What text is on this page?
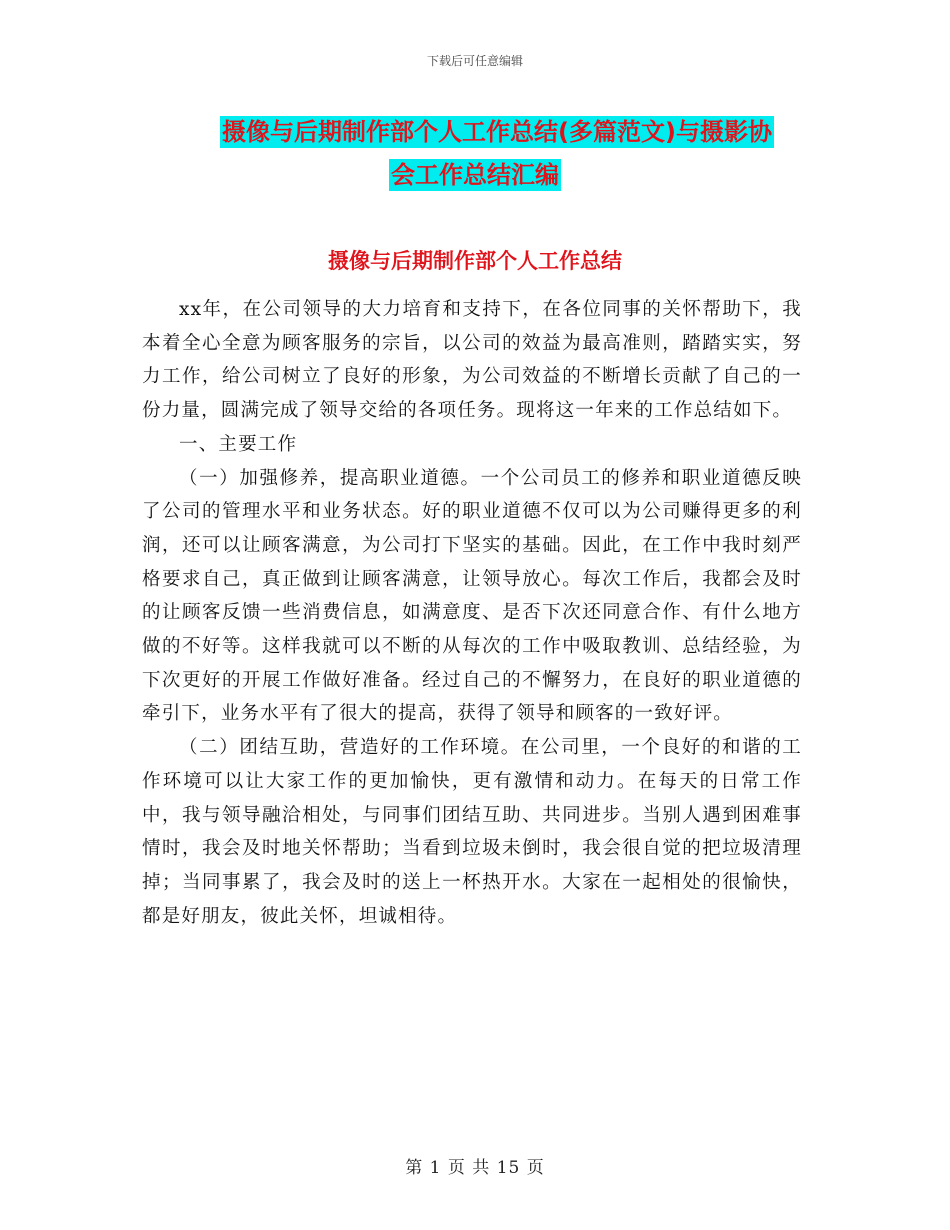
下载后可任意编辑
摄像与后期制作部个人工作总结(多篇范文)与摄影协
会工作总结汇编
摄像与后期制作部个人工作总结

xx年，在公司领导的大力培育和支持下，在各位同事的关怀帮助下，我本着全心全意为顾客服务的宗旨，以公司的效益为最高准则，踏踏实实，努力工作，给公司树立了良好的形象，为公司效益的不断增长贡献了自己的一份力量，圆满完成了领导交给的各项任务。现将这一年来的工作总结如下。

一、主要工作

（一）加强修养，提高职业道德。一个公司员工的修养和职业道德反映了公司的管理水平和业务状态。好的职业道德不仅可以为公司赚得更多的利润，还可以让顾客满意，为公司打下坚实的基础。因此，在工作中我时刻严格要求自己，真正做到让顾客满意，让领导放心。每次工作后，我都会及时的让顾客反馈一些消费信息，如满意度、是否下次还同意合作、有什么地方做的不好等。这样我就可以不断的从每次的工作中吸取教训、总结经验，为下次更好的开展工作做好准备。经过自己的不懈努力，在良好的职业道德的牵引下，业务水平有了很大的提高，获得了领导和顾客的一致好评。

（二）团结互助，营造好的工作环境。在公司里，一个良好的和谐的工作环境可以让大家工作的更加愉快，更有激情和动力。在每天的日常工作中，我与领导融洽相处，与同事们团结互助、共同进步。当别人遇到困难事情时，我会及时地关怀帮助；当看到垃圾未倒时，我会很自觉的把垃圾清理掉；当同事累了，我会及时的送上一杯热开水。大家在一起相处的很愉快，都是好朋友，彼此关怀，坦诚相待。

第 1 页 共 15 页
